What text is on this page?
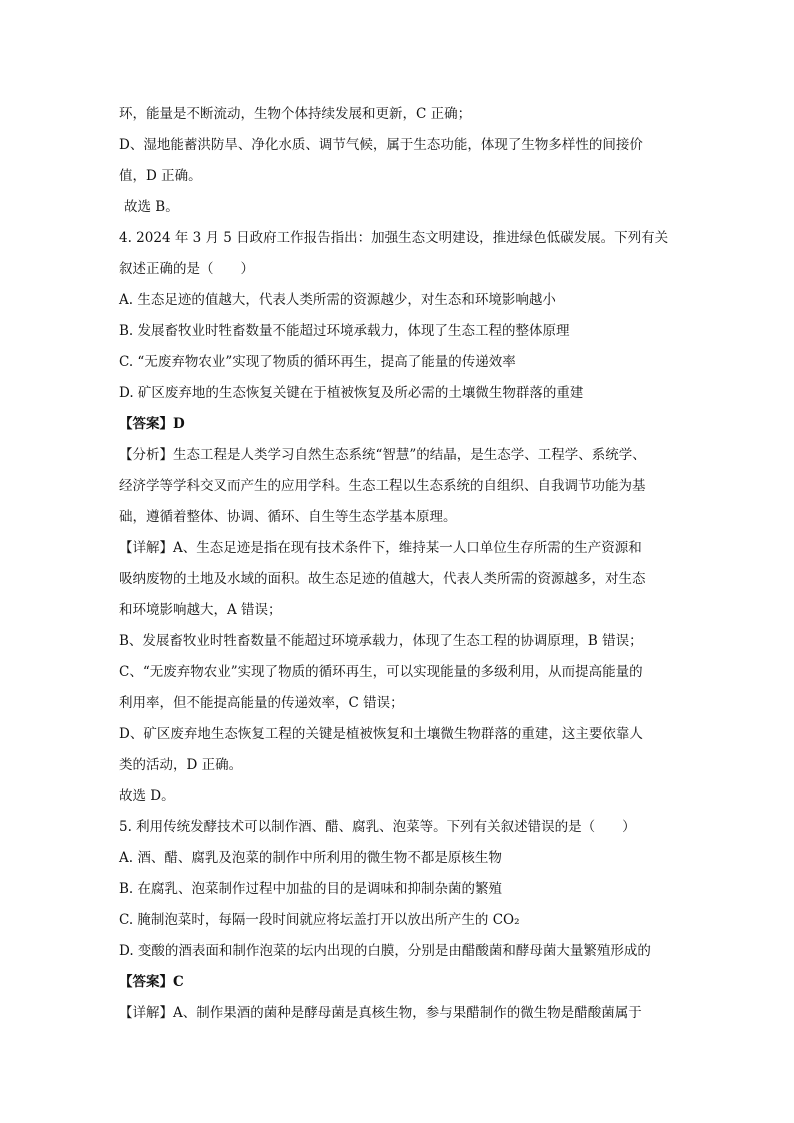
环，能量是不断流动，生物个体持续发展和更新，C 正确；
D、湿地能蓄洪防旱、净化水质、调节气候，属于生态功能，体现了生物多样性的间接价
值，D 正确。
故选 B。
4. 2024 年 3 月 5 日政府工作报告指出：加强生态文明建设，推进绿色低碳发展。下列有关
叙述正确的是（　　）
A. 生态足迹的值越大，代表人类所需的资源越少，对生态和环境影响越小
B. 发展畜牧业时牲畜数量不能超过环境承载力，体现了生态工程的整体原理
C. “无废弃物农业”实现了物质的循环再生，提高了能量的传递效率
D. 矿区废弃地的生态恢复关键在于植被恢复及所必需的土壤微生物群落的重建
【答案】D
【分析】生态工程是人类学习自然生态系统“智慧”的结晶，是生态学、工程学、系统学、
经济学等学科交叉而产生的应用学科。生态工程以生态系统的自组织、自我调节功能为基
础，遵循着整体、协调、循环、自生等生态学基本原理。
【详解】A、生态足迹是指在现有技术条件下，维持某一人口单位生存所需的生产资源和
吸纳废物的土地及水域的面积。故生态足迹的值越大，代表人类所需的资源越多，对生态
和环境影响越大，A 错误；
B、发展畜牧业时牲畜数量不能超过环境承载力，体现了生态工程的协调原理，B 错误；
C、“无废弃物农业”实现了物质的循环再生，可以实现能量的多级利用，从而提高能量的
利用率，但不能提高能量的传递效率，C 错误；
D、矿区废弃地生态恢复工程的关键是植被恢复和土壤微生物群落的重建，这主要依靠人
类的活动，D 正确。
故选 D。
5. 利用传统发酵技术可以制作酒、醋、腐乳、泡菜等。下列有关叙述错误的是（　　）
A. 酒、醋、腐乳及泡菜的制作中所利用的微生物不都是原核生物
B. 在腐乳、泡菜制作过程中加盐的目的是调味和抑制杂菌的繁殖
C. 腌制泡菜时，每隔一段时间就应将坛盖打开以放出所产生的 CO₂
D. 变酸的酒表面和制作泡菜的坛内出现的白膜，分别是由醋酸菌和酵母菌大量繁殖形成的
【答案】C
【详解】A、制作果酒的菌种是酵母菌是真核生物，参与果醋制作的微生物是醋酸菌属于
